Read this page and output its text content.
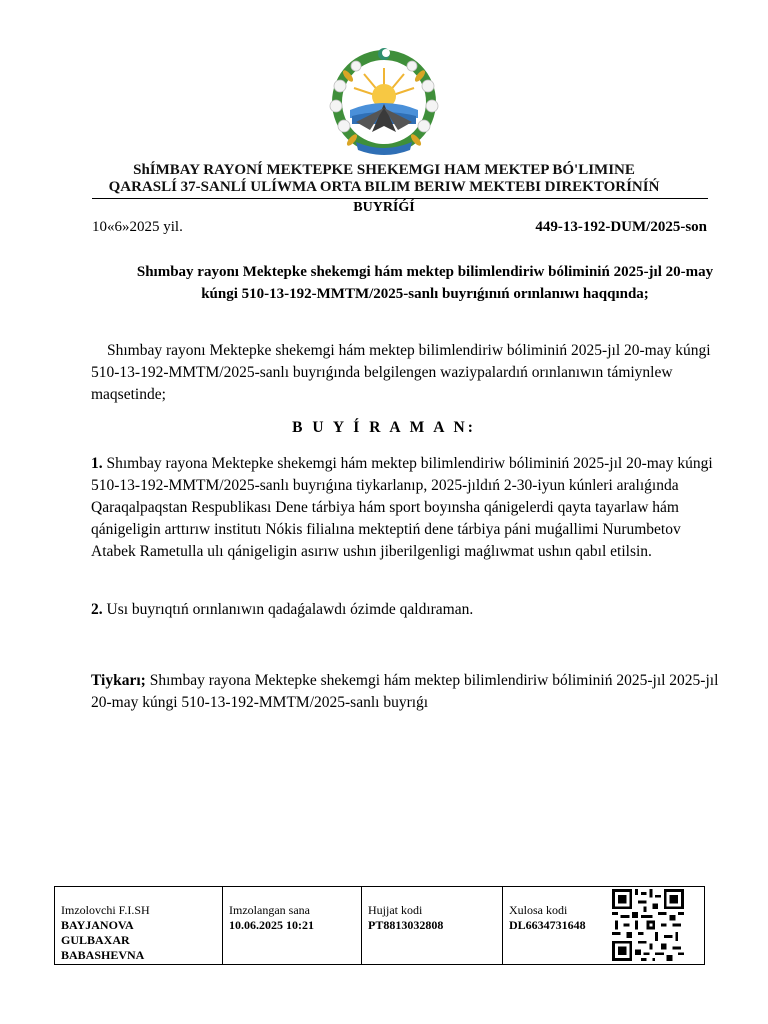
ShÍMBAY RAYONÍ MEKTEPKE SHEKEMGI HAM MEKTEP BÓ'LIMINE
QARASLÍ 37-SANLÍ ULÍWMA ORTA BILIM BERIW MEKTEBI DIREKTORÍNÍŃ
BUYRÍǴÍ
10«6»2025 yil.	449-13-192-DUM/2025-son
Shımbay rayonı Mektepke shekemgi hám mektep bilimlendiriw bóliminiń 2025-jıl 20-may kúngi 510-13-192-MMTM/2025-sanlı buyrıǵınıń orınlanıwı haqqında;
Shımbay rayonı Mektepke shekemgi hám mektep bilimlendiriw bóliminiń 2025-jıl 20-may kúngi 510-13-192-MMTM/2025-sanlı buyrıǵında belgilengen waziypalardıń orınlanıwın támiynlew maqsetinde;
B U Y Í R A M A N:
1. Shımbay rayona Mektepke shekemgi hám mektep bilimlendiriw bóliminiń 2025-jıl 20-may kúngi 510-13-192-MMTM/2025-sanlı buyrıǵına tiykarlanıp, 2025-jıldıń 2-30-iyun kúnleri aralıǵında Qaraqalpaqstan Respublikası Dene tárbiya hám sport boyınsha qánigelerdi qayta tayarlaw hám qánigeligin arttırıw institutı Nókis filialına mekteptiń dene tárbiya páni muǵallimi Nurumbetov Atabek Rametulla ulı qánigeligin asırıw ushın jiberilgenligi maǵlıwmat ushın qabıl etilsin.
2. Usı buyrıqtıń orınlanıwın qadaǵalawdı ózimde qaldıraman.
Tiykarı; Shımbay rayona Mektepke shekemgi hám mektep bilimlendiriw bóliminiń 2025-jıl 2025-jıl 20-may kúngi 510-13-192-MMTM/2025-sanlı buyrıǵı
Imzolovchi F.I.SH
BAYJANOVA GULBAXAR BABASHEVNA

Imzolangan sana
10.06.2025 10:21

Hujjat kodi
PT8813032808

Xulosa kodi
DL6634731648
